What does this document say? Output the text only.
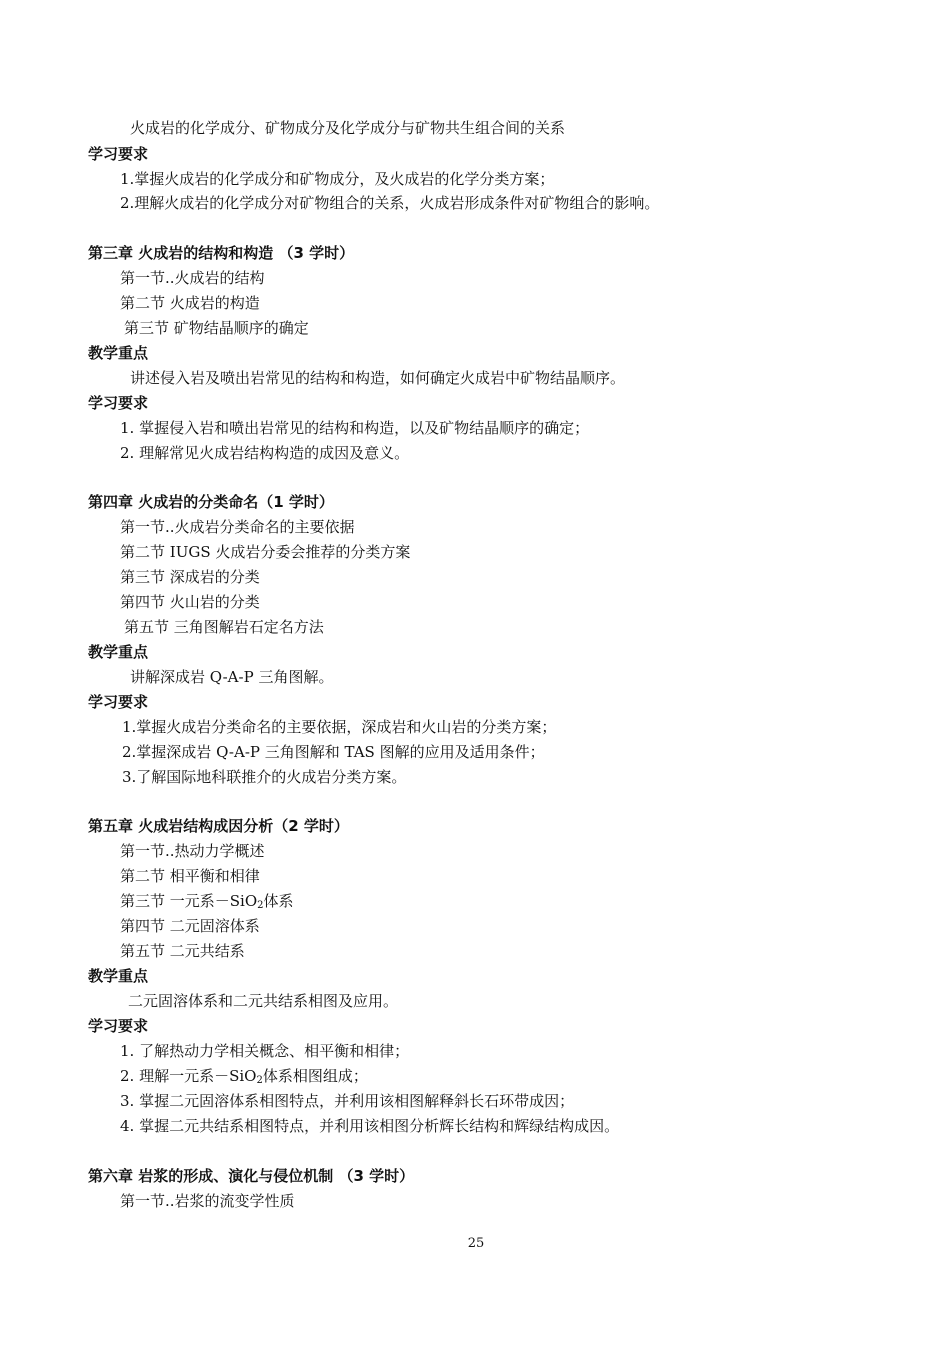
火成岩的化学成分、矿物成分及化学成分与矿物共生组合间的关系
学习要求
1.掌握火成岩的化学成分和矿物成分，及火成岩的化学分类方案；
2.理解火成岩的化学成分对矿物组合的关系，火成岩形成条件对矿物组合的影响。
第三章 火成岩的结构和构造 （3 学时）
第一节..火成岩的结构
第二节 火成岩的构造
第三节 矿物结晶顺序的确定
教学重点
讲述侵入岩及喷出岩常见的结构和构造，如何确定火成岩中矿物结晶顺序。
学习要求
1. 掌握侵入岩和喷出岩常见的结构和构造，以及矿物结晶顺序的确定；
2. 理解常见火成岩结构构造的成因及意义。
第四章 火成岩的分类命名（1 学时）
第一节..火成岩分类命名的主要依据
第二节 IUGS 火成岩分委会推荐的分类方案
第三节 深成岩的分类
第四节 火山岩的分类
第五节 三角图解岩石定名方法
教学重点
讲解深成岩 Q-A-P 三角图解。
学习要求
1.掌握火成岩分类命名的主要依据，深成岩和火山岩的分类方案；
2.掌握深成岩 Q-A-P 三角图解和 TAS 图解的应用及适用条件；
3.了解国际地科联推介的火成岩分类方案。
第五章 火成岩结构成因分析（2 学时）
第一节..热动力学概述
第二节 相平衡和相律
第三节 一元系－SiO$_2$体系
第四节 二元固溶体系
第五节 二元共结系
教学重点
二元固溶体系和二元共结系相图及应用。
学习要求
1. 了解热动力学相关概念、相平衡和相律；
2. 理解一元系－SiO$_2$体系相图组成；
3. 掌握二元固溶体系相图特点，并利用该相图解释斜长石环带成因；
4. 掌握二元共结系相图特点，并利用该相图分析辉长结构和辉绿结构成因。
第六章 岩浆的形成、演化与侵位机制 （3 学时）
第一节..岩浆的流变学性质
25
